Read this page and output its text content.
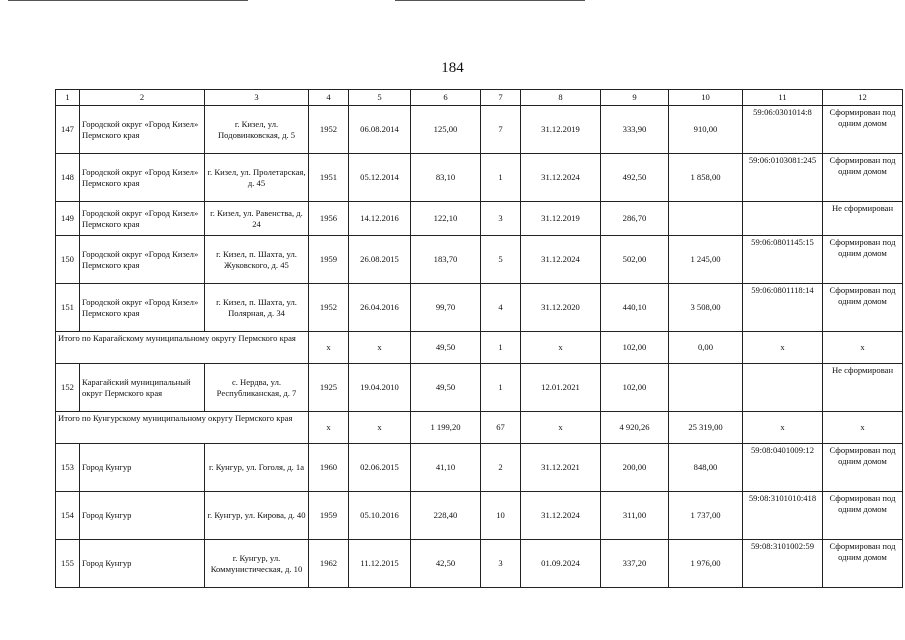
184
1	2	3	4	5	6	7	8	9	10	11	12
147	Городской округ «Город Кизел» Пермского края	г. Кизел, ул. Подовинковская, д. 5	1952	06.08.2014	125,00	7	31.12.2019	333,90	910,00	59:06:0301014:8	Сформирован под одним домом
148	Городской округ «Город Кизел» Пермского края	г. Кизел, ул. Пролетарская, д. 45	1951	05.12.2014	83,10	1	31.12.2024	492,50	1 858,00	59:06:0103081:245	Сформирован под одним домом
149	Городской округ «Город Кизел» Пермского края	г. Кизел, ул. Равенства, д. 24	1956	14.12.2016	122,10	3	31.12.2019	286,70			Не сформирован
150	Городской округ «Город Кизел» Пермского края	г. Кизел, п. Шахта, ул. Жуковского, д. 45	1959	26.08.2015	183,70	5	31.12.2024	502,00	1 245,00	59:06:0801145:15	Сформирован под одним домом
151	Городской округ «Город Кизел» Пермского края	г. Кизел, п. Шахта, ул. Полярная, д. 34	1952	26.04.2016	99,70	4	31.12.2020	440,10	3 508,00	59:06:0801118:14	Сформирован под одним домом
Итого по Карагайскому муниципальному округу Пермского края			x	x	49,50	1	x	102,00	0,00	x	x
152	Карагайский муниципальный округ Пермского края	с. Нердва, ул. Республиканская, д. 7	1925	19.04.2010	49,50	1	12.01.2021	102,00			Не сформирован
Итого по Кунгурскому муниципальному округу Пермского края			x	x	1 199,20	67	x	4 920,26	25 319,00	x	x
153	Город Кунгур	г. Кунгур, ул. Гоголя, д. 1а	1960	02.06.2015	41,10	2	31.12.2021	200,00	848,00	59:08:0401009:12	Сформирован под одним домом
154	Город Кунгур	г. Кунгур, ул. Кирова, д. 40	1959	05.10.2016	228,40	10	31.12.2024	311,00	1 737,00	59:08:3101010:418	Сформирован под одним домом
155	Город Кунгур	г. Кунгур, ул. Коммунистическая, д. 10	1962	11.12.2015	42,50	3	01.09.2024	337,20	1 976,00	59:08:3101002:59	Сформирован под одним домом
